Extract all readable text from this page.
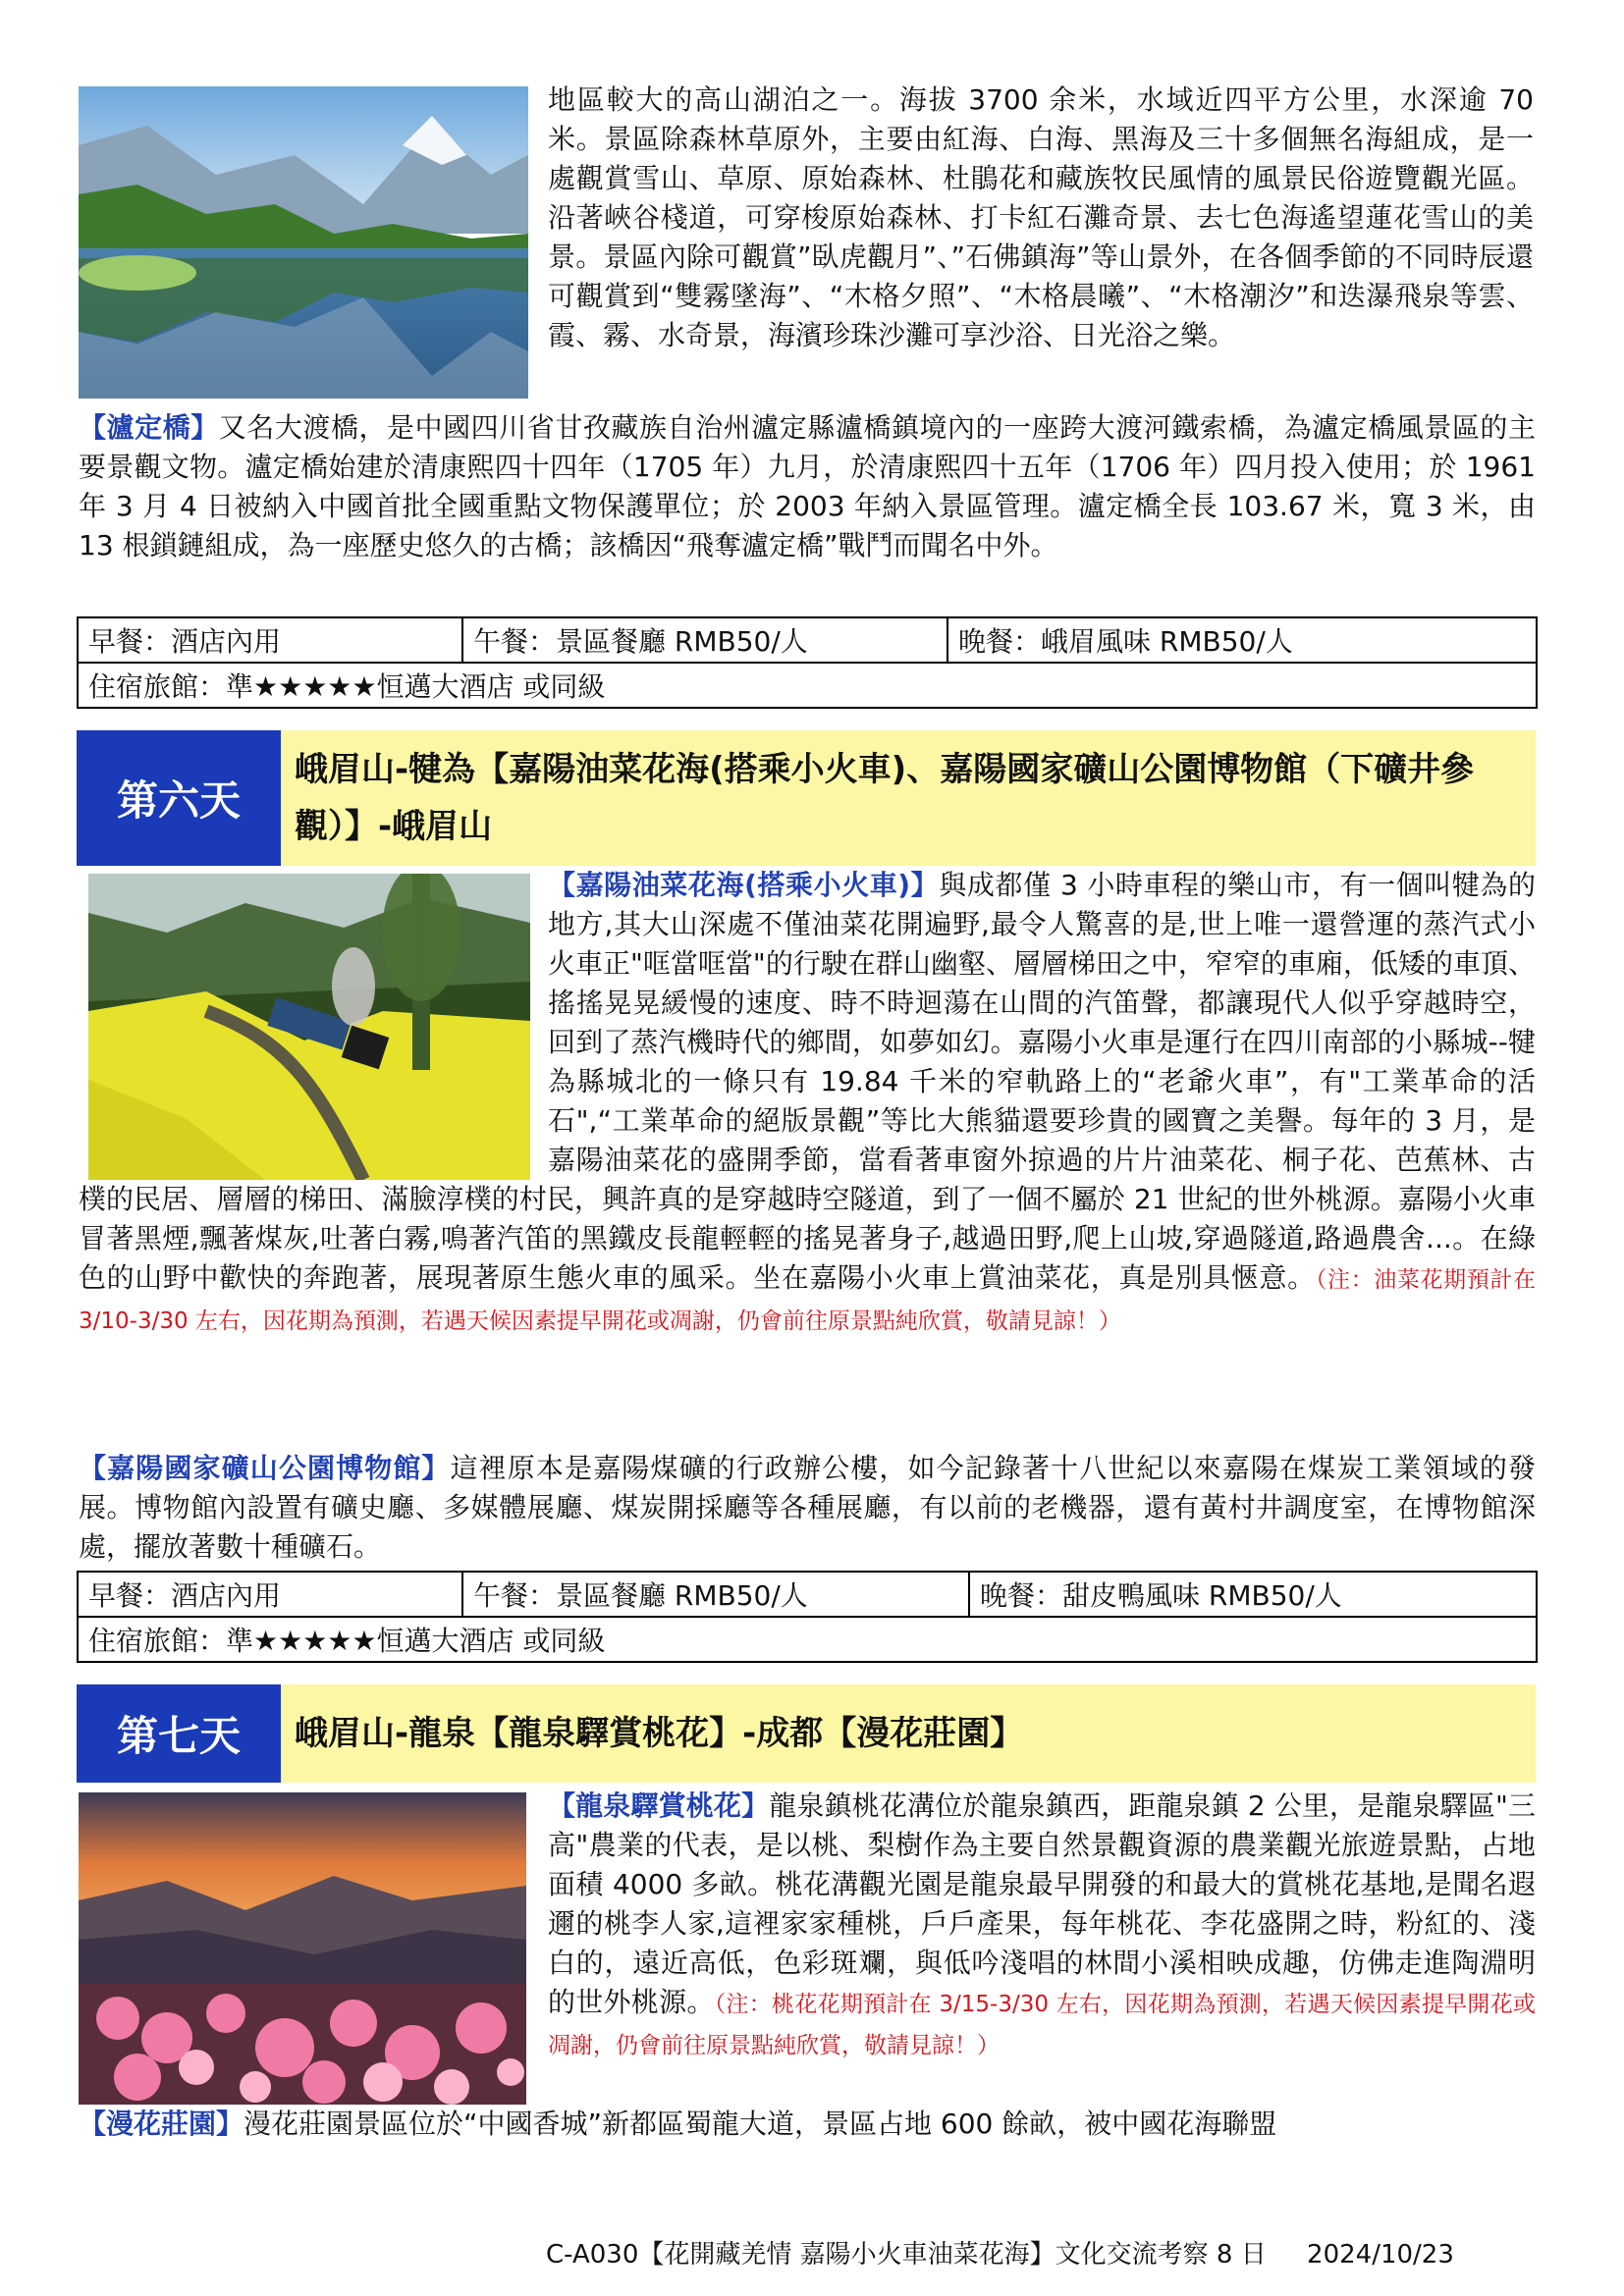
地區較大的高山湖泊之一。海拔 3700 余米，水域近四平方公里，水深逾 70 米。景區除森林草原外，主要由紅海、白海、黑海及三十多個無名海組成，是一處觀賞雪山、草原、原始森林、杜鵑花和藏族牧民風情的風景民俗遊覽觀光區。沿著峽谷棧道，可穿梭原始森林、打卡紅石灘奇景、去七色海遙望蓮花雪山的美景。景區內除可觀賞”臥虎觀月”、”石佛鎮海”等山景外，在各個季節的不同時辰還可觀賞到“雙霧墜海”、“木格夕照”、“木格晨曦”、“木格潮汐”和迭瀑飛泉等雲、霞、霧、水奇景，海濱珍珠沙灘可享沙浴、日光浴之樂。
【瀘定橋】又名大渡橋，是中國四川省甘孜藏族自治州瀘定縣瀘橋鎮境內的一座跨大渡河鐵索橋，為瀘定橋風景區的主要景觀文物。瀘定橋始建於清康熙四十四年（1705 年）九月，於清康熙四十五年（1706 年）四月投入使用；於 1961 年 3 月 4 日被納入中國首批全國重點文物保護單位；於 2003 年納入景區管理。瀘定橋全長 103.67 米，寬 3 米，由 13 根鎖鏈組成，為一座歷史悠久的古橋；該橋因“飛奪瀘定橋”戰鬥而聞名中外。
早餐：酒店內用	午餐：景區餐廳 RMB50/人	晚餐：峨眉風味 RMB50/人
住宿旅館：準★★★★★恒邁大酒店 或同級
第六天
峨眉山-犍為【嘉陽油菜花海(搭乘小火車)、嘉陽國家礦山公園博物館（下礦井參觀）】-峨眉山
【嘉陽油菜花海(搭乘小火車)】與成都僅 3 小時車程的樂山市，有一個叫犍為的地方,其大山深處不僅油菜花開遍野,最令人驚喜的是,世上唯一還營運的蒸汽式小火車正"哐當哐當"的行駛在群山幽壑、層層梯田之中，窄窄的車廂，低矮的車頂、搖搖晃晃緩慢的速度、時不時迴蕩在山間的汽笛聲，都讓現代人似乎穿越時空，回到了蒸汽機時代的鄉間，如夢如幻。嘉陽小火車是運行在四川南部的小縣城--犍為縣城北的一條只有 19.84 千米的窄軌路上的“老爺火車”，有"工業革命的活石",“工業革命的絕版景觀”等比大熊貓還要珍貴的國寶之美譽。每年的 3 月，是嘉陽油菜花的盛開季節，當看著車窗外掠過的片片油菜花、桐子花、芭蕉林、古樸的民居、層層的梯田、滿臉淳樸的村民，興許真的是穿越時空隧道，到了一個不屬於 21 世紀的世外桃源。嘉陽小火車冒著黑煙,飄著煤灰,吐著白霧,鳴著汽笛的黑鐵皮長龍輕輕的搖晃著身子,越過田野,爬上山坡,穿過隧道,路過農舍...。在綠色的山野中歡快的奔跑著，展現著原生態火車的風采。坐在嘉陽小火車上賞油菜花，真是別具愜意。（注：油菜花期預計在 3/10-3/30 左右，因花期為預測，若遇天候因素提早開花或凋謝，仍會前往原景點純欣賞，敬請見諒！）
【嘉陽國家礦山公園博物館】這裡原本是嘉陽煤礦的行政辦公樓，如今記錄著十八世紀以來嘉陽在煤炭工業領域的發展。博物館內設置有礦史廳、多媒體展廳、煤炭開採廳等各種展廳，有以前的老機器，還有黃村井調度室，在博物館深處，擺放著數十種礦石。
早餐：酒店內用	午餐：景區餐廳 RMB50/人	晚餐：甜皮鴨風味 RMB50/人
住宿旅館：準★★★★★恒邁大酒店 或同級
第七天	峨眉山-龍泉【龍泉驛賞桃花】-成都【漫花莊園】
【龍泉驛賞桃花】龍泉鎮桃花溝位於龍泉鎮西，距龍泉鎮 2 公里，是龍泉驛區"三高"農業的代表，是以桃、梨樹作為主要自然景觀資源的農業觀光旅遊景點，占地面積 4000 多畝。桃花溝觀光園是龍泉最早開發的和最大的賞桃花基地,是聞名遐邇的桃李人家,這裡家家種桃，戶戶產果，每年桃花、李花盛開之時，粉紅的、淺白的，遠近高低，色彩斑斕，與低吟淺唱的林間小溪相映成趣，仿佛走進陶淵明的世外桃源。（注：桃花花期預計在 3/15-3/30 左右，因花期為預測，若遇天候因素提早開花或凋謝，仍會前往原景點純欣賞，敬請見諒！）
【漫花莊園】漫花莊園景區位於“中國香城”新都區蜀龍大道，景區占地 600 餘畝，被中國花海聯盟
C-A030【花開藏羌情 嘉陽小火車油菜花海】文化交流考察 8 日     2024/10/23
